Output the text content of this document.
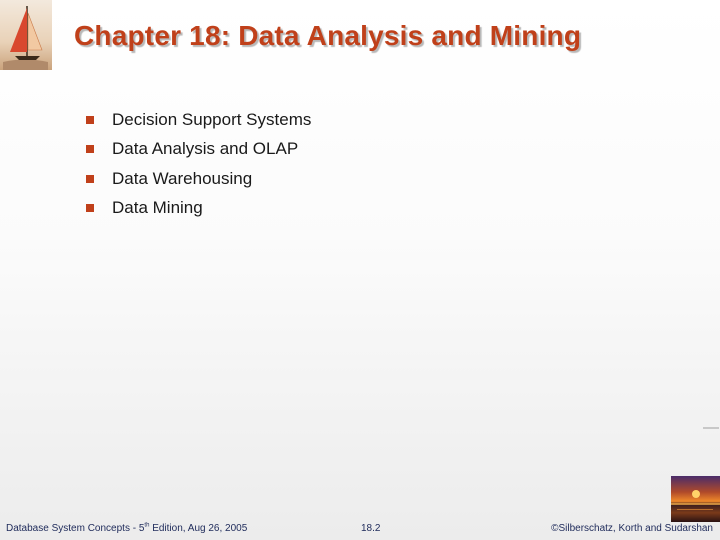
Chapter 18: Data Analysis and Mining
Decision Support Systems
Data Analysis and OLAP
Data Warehousing
Data Mining
Database System Concepts - 5th Edition, Aug 26, 2005	18.2	©Silberschatz, Korth and Sudarshan
